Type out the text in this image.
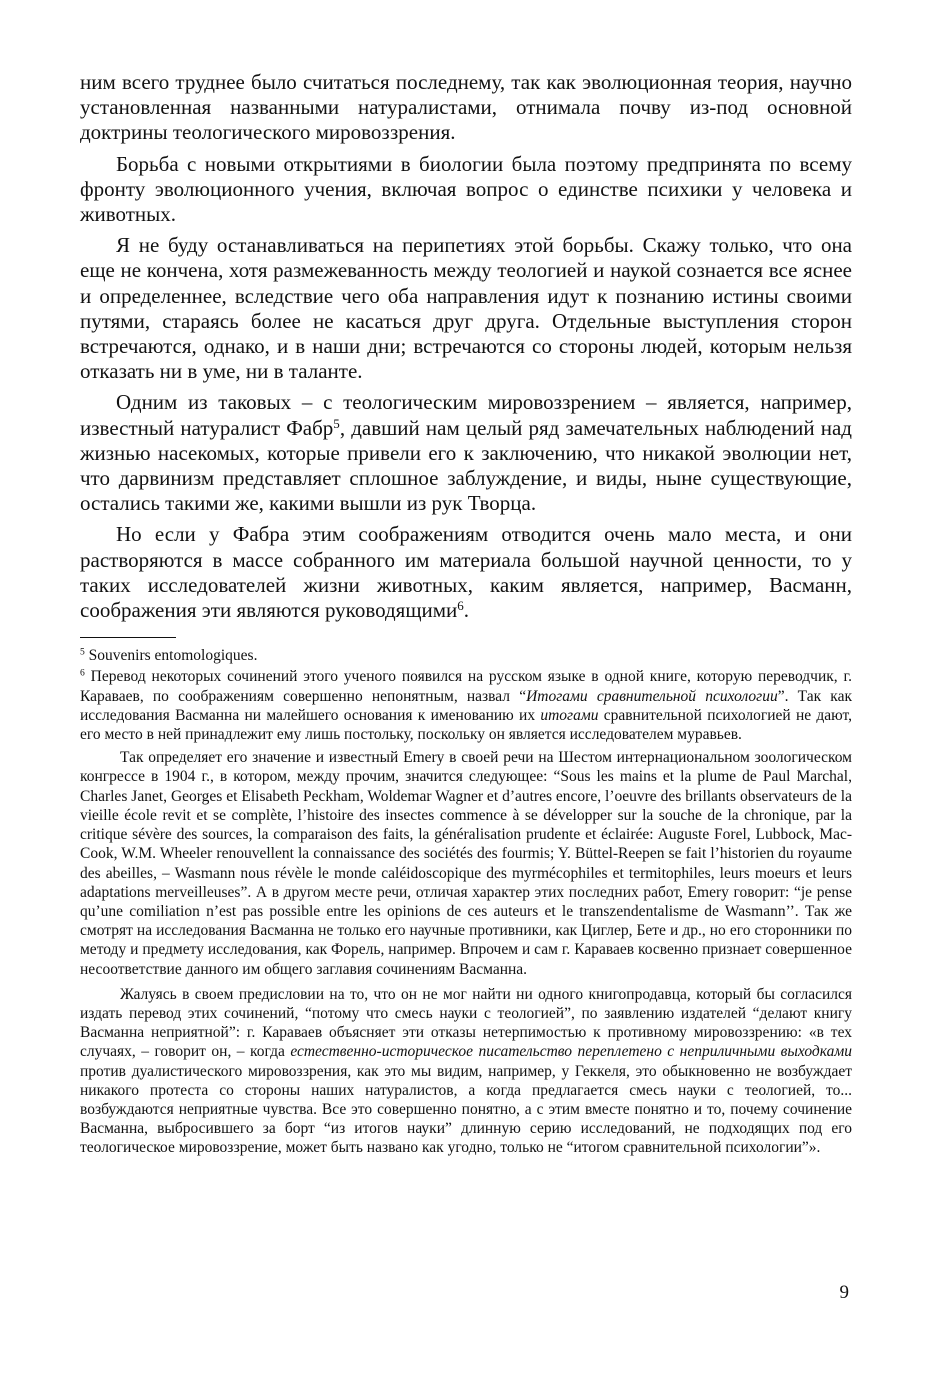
ним всего труднее было считаться последнему, так как эволюционная теория, научно установленная названными натуралистами, отнимала почву из-под основной доктрины теологического мировоззрения.

Борьба с новыми открытиями в биологии была поэтому предпринята по всему фронту эволюционного учения, включая вопрос о единстве психики у человека и животных.

Я не буду останавливаться на перипетиях этой борьбы. Скажу только, что она еще не кончена, хотя размежеванность между теологией и наукой сознается все яснее и определеннее, вследствие чего оба направления идут к познанию истины своими путями, стараясь более не касаться друг друга. Отдельные выступления сторон встречаются, однако, и в наши дни; встречаются со стороны людей, которым нельзя отказать ни в уме, ни в таланте.

Одним из таковых – с теологическим мировоззрением – является, например, известный натуралист Фабр$^5$, давший нам целый ряд замечательных наблюдений над жизнью насекомых, которые привели его к заключению, что никакой эволюции нет, что дарвинизм представляет сплошное заблуждение, и виды, ныне существующие, остались такими же, какими вышли из рук Творца.

Но если у Фабра этим соображениям отводится очень мало места, и они растворяются в массе собранного им материала большой научной ценности, то у таких исследователей жизни животных, каким является, например, Васманн, соображения эти являются руководящими$^6$.

$^5$ Souvenirs entomologiques.

$^6$ Перевод некоторых сочинений этого ученого появился на русском языке в одной книге, которую переводчик, г. Караваев, по соображениям совершенно непонятным, назвал “Итогами сравнительной психологии”. Так как исследования Васманна ни малейшего основания к именованию их итогами сравнительной психологией не дают, его место в ней принадлежит ему лишь постольку, поскольку он является исследователем муравьев.

Так определяет его значение и известный Emery в своей речи на Шестом интернациональном зоологическом конгрессе в 1904 г., в котором, между прочим, значится следующее: “Sous les mains et la plume de Paul Marchal, Charles Janet, Georges et Elisabeth Peckham, Woldemar Wagner et d’autres encore, l’oeuvre des brillants observateurs de la vieille école revit et se complète, l’histoire des insectes commence à se développer sur la souche de la chronique, par la critique sévère des sources, la comparaison des faits, la généralisation prudente et éclairée: Auguste Forel, Lubbock, Mac-Cook, W.M. Wheeler renouvellent la connaissance des sociétés des fourmis; Y. Büttel-Reepen se fait l’historien du royaume des abeilles, – Wasmann nous révèle le monde caléidoscopique des myrmécophiles et termitophiles, leurs moeurs et leurs adaptations merveilleuses”. А в другом месте речи, отличая характер этих последних работ, Emery говорит: “je pense qu’une comiliation n’est pas possible entre les opinions de ces auteurs et le transzendentalisme de Wasmann’’. Так же смотрят на исследования Васманна не только его научные противники, как Циглер, Бете и др., но его сторонники по методу и предмету исследования, как Форель, например. Впрочем и сам г. Караваев косвенно признает совершенное несоответствие данного им общего заглавия сочинениям Васманна.

Жалуясь в своем предисловии на то, что он не мог найти ни одного книгопродавца, который бы согласился издать перевод этих сочинений, “потому что смесь науки с теологией”, по заявлению издателей “делают книгу Васманна неприятной”: г. Караваев объясняет эти отказы нетерпимостью к противному мировоззрению: «в тех случаях, – говорит он, – когда естественно-историческое писательство переплетено с неприличными выходками против дуалистического мировоззрения, как это мы видим, например, у Геккеля, это обыкновенно не возбуждает никакого протеста со стороны наших натуралистов, а когда предлагается смесь науки с теологией, то... возбуждаются неприятные чувства. Все это совершенно понятно, а с этим вместе понятно и то, почему сочинение Васманна, выбросившего за борт “из итогов науки” длинную серию исследований, не подходящих под его теологическое мировоззрение, может быть названо как угодно, только не “итогом сравнительной психологии”».

9
